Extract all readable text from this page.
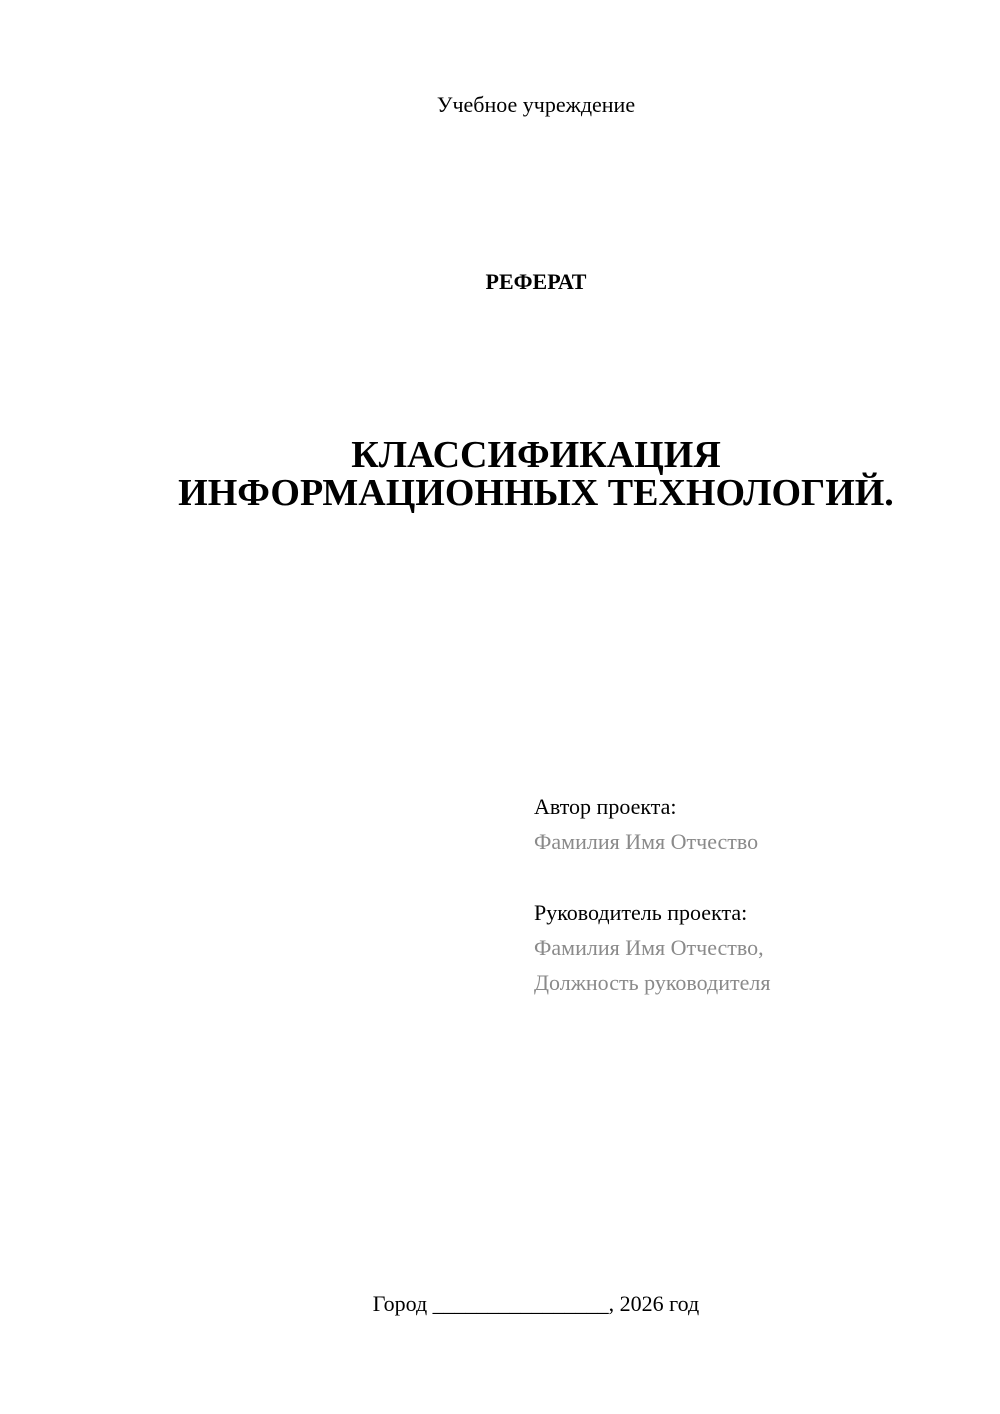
Учебное учреждение
РЕФЕРАТ
КЛАССИФИКАЦИЯ
ИНФОРМАЦИОННЫХ ТЕХНОЛОГИЙ.
Автор проекта:
Фамилия Имя Отчество
Руководитель проекта:
Фамилия Имя Отчество,
Должность руководителя
Город ________________, 2026 год
